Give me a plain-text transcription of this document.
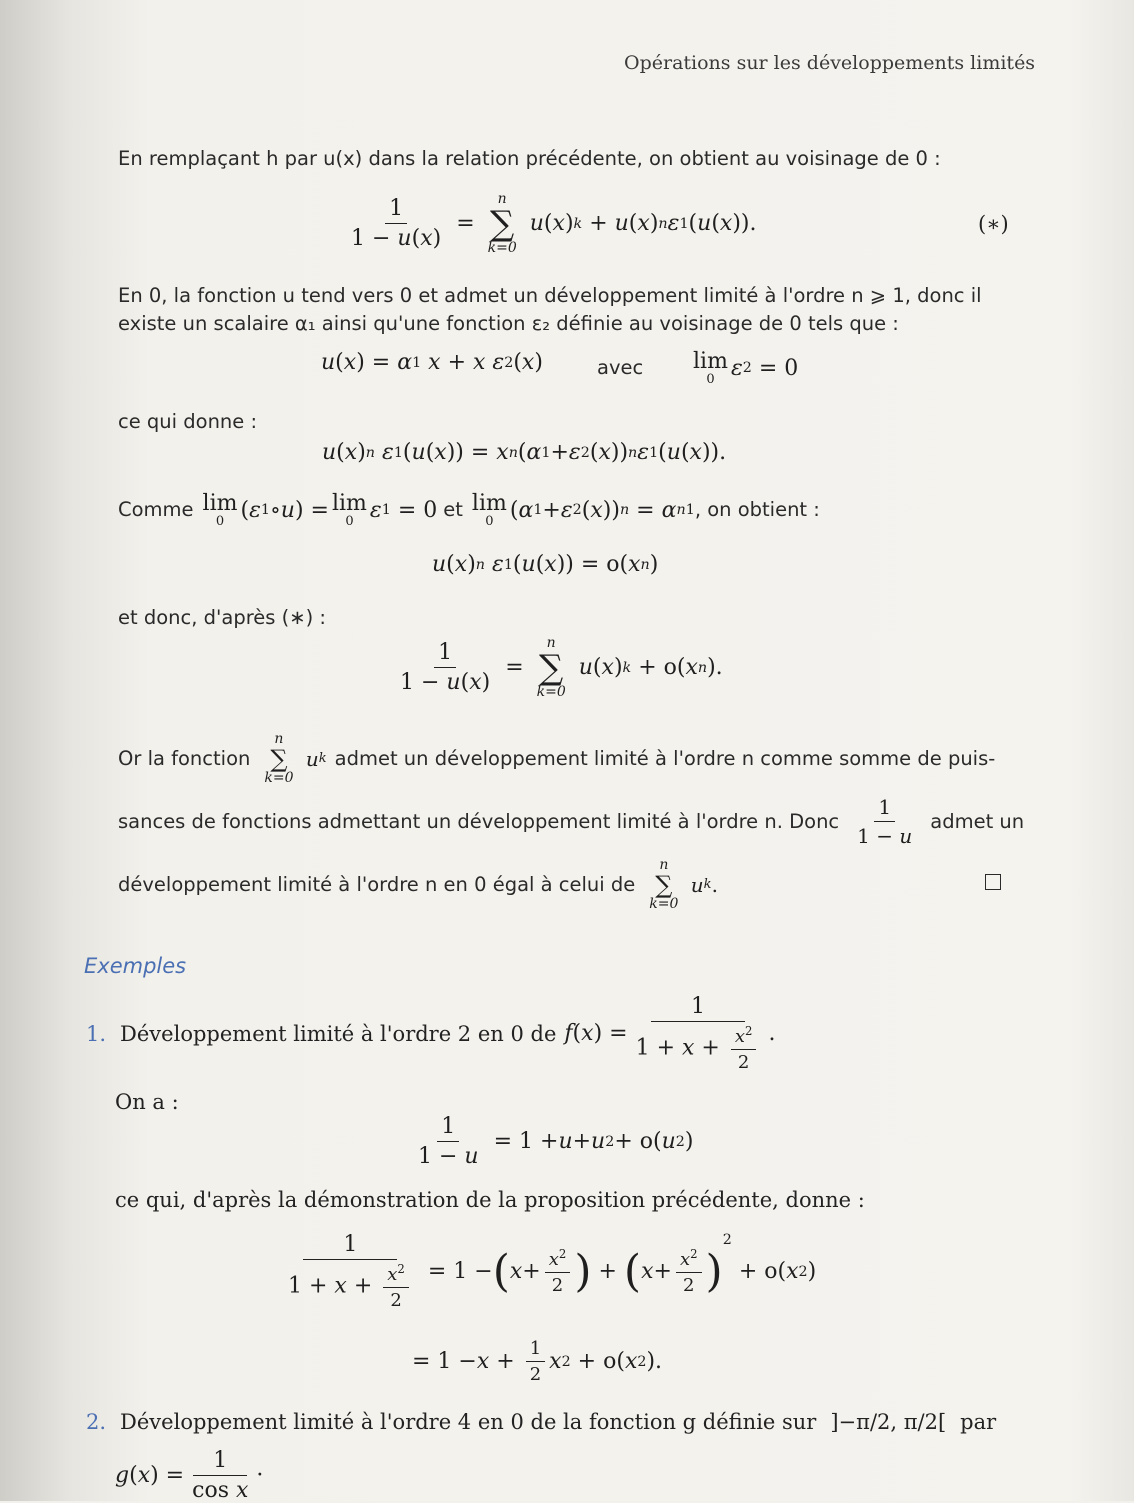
Opérations sur les développements limités
En remplaçant h par u(x) dans la relation précédente, on obtient au voisinage de 0 :
$\frac{1}{1 - u(x)}$ =
n
∑
k=0
u ( x ) k + u ( x ) n ε 1 ( u ( x )).	(∗)
En 0, la fonction u tend vers 0 et admet un développement limité à l'ordre n ⩾ 1, donc il
existe un scalaire α₁ ainsi qu'une fonction ε₂ définie au voisinage de 0 tels que :
u ( x ) = α 1 x + x ε 2 ( x )	avec lim
0 ε 2 = 0
ce qui donne :
u ( x ) n ε 1 ( u ( x )) = x n ( α 1 + ε 2 ( x )) n ε 1 ( u ( x )).
Comme lim
0 ( ε 1 ∘ u ) = lim
0 ε 1 = 0 et lim
0 ( α 1 + ε 2 ( x )) n = α n 1 , on obtient :
u ( x ) n ε 1 ( u ( x )) = o( x n )
et donc, d'après (∗) :
$\frac{1}{1 - u(x)}$ =
n
∑
k=0
u ( x ) k + o( x n ).
Or la fonction
n
∑
k=0
u k admet un développement limité à l'ordre n comme somme de puis-
sances de fonctions admettant un développement limité à l'ordre n. Donc $\frac{1}{1 - u}$ admet un
développement limité à l'ordre n en 0 égal à celui de
n
∑
k=0
u k .
Exemples
1. Développement limité à l'ordre 2 en 0 de f ( x ) = $\frac{1}{1 + x + \frac{x^2}{2}}$ .
On a :
$\frac{1}{1 - u} = 1 + u + u$ 2 + o( u 2 )
ce qui, d'après la démonstration de la proposition précédente, donne :
$\frac{1}{1 + x + \frac{x^2}{2}} = 1$ − ( $x + \frac{x^2}{2}$ ) + ( $x + \frac{x^2}{2}$ )
2
+ o( x 2 )
= $1 - x + \frac{1}{2}$ x 2 + o( x 2 ).
2. Développement limité à l'ordre 4 en 0 de la fonction g définie sur ]−π/2, π/2[ par
g ( x ) = $\frac{1}{\text{cos x}}$ ·
